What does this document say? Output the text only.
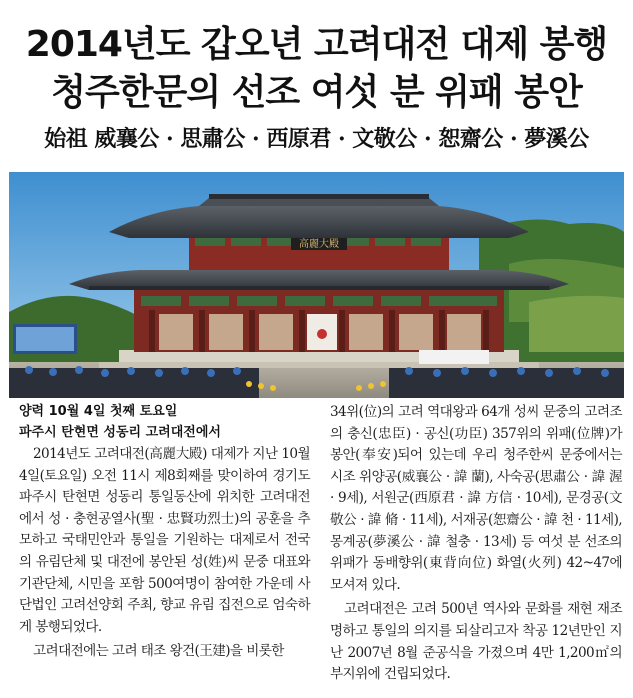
2014년도 갑오년 고려대전 대제 봉행
청주한문의 선조 여섯 분 위패 봉안
始祖 威襄公 · 思肅公 · 西原君 · 文敬公 · 恕齋公 · 夢溪公
高麗大殿
양력 10월 4일 첫째 토요일
파주시 탄현면 성동리 고려대전에서

2014년도 고려대전(高麗大殿) 대제가 지난 10월 4일(토요일) 오전 11시 제8회째를 맞이하여 경기도 파주시 탄현면 성동리 통일동산에 위치한 고려대전에서 성 · 충현공열사(聖 · 忠賢功烈士)의 공훈을 추모하고 국태민안과 통일을 기원하는 대제로서 전국의 유림단체 및 대전에 봉안된 성(姓)씨 문중 대표와 기관단체, 시민을 포함 500여명이 참여한 가운데 사단법인 고려선양회 주최, 향교 유림 집전으로 엄숙하게 봉행되었다.

고려대전에는 고려 태조 왕건(王建)을 비롯한

34위(位)의 고려 역대왕과 64개 성씨 문중의 고려조의 충신(忠臣) · 공신(功臣) 357위의 위패(位牌)가 봉안(奉安)되어 있는데 우리 청주한씨 문중에서는 시조 위양공(威襄公 · 諱 蘭), 사숙공(思肅公 · 諱 渥 · 9세), 서원군(西原君 · 諱 方信 · 10세), 문경공(文敬公 · 諱 脩 · 11세), 서재공(恕齋公 · 諱 천 · 11세), 몽계공(夢溪公 · 諱 철충 · 13세) 등 여섯 분 선조의 위패가 동배향위(東背向位) 화열(火列) 42~47에 모셔져 있다.

고려대전은 고려 500년 역사와 문화를 재현 재조명하고 통일의 의지를 되살리고자 착공 12년만인 지난 2007년 8월 준공식을 가졌으며 4만 1,200㎡의 부지위에 건립되었다.
